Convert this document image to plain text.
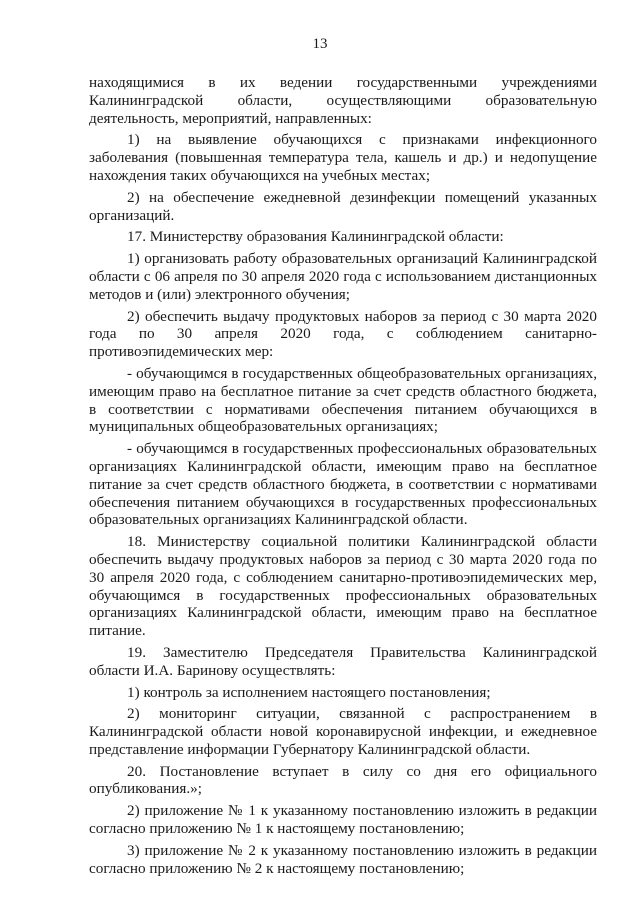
13

находящимися в их ведении государственными учреждениями Калининградской области, осуществляющими образовательную деятельность, мероприятий, направленных:

1) на выявление обучающихся с признаками инфекционного заболевания (повышенная температура тела, кашель и др.) и недопущение нахождения таких обучающихся на учебных местах;

2) на обеспечение ежедневной дезинфекции помещений указанных организаций.

17. Министерству образования Калининградской области:

1) организовать работу образовательных организаций Калининградской области с 06 апреля по 30 апреля 2020 года с использованием дистанционных методов и (или) электронного обучения;

2) обеспечить выдачу продуктовых наборов за период с 30 марта 2020 года по 30 апреля 2020 года, с соблюдением санитарно-противоэпидемических мер:

- обучающимся в государственных общеобразовательных организациях, имеющим право на бесплатное питание за счет средств областного бюджета, в соответствии с нормативами обеспечения питанием обучающихся в муниципальных общеобразовательных организациях;

- обучающимся в государственных профессиональных образовательных организациях Калининградской области, имеющим право на бесплатное питание за счет средств областного бюджета, в соответствии с нормативами обеспечения питанием обучающихся в государственных профессиональных образовательных организациях Калининградской области.

18. Министерству социальной политики Калининградской области обеспечить выдачу продуктовых наборов за период с 30 марта 2020 года по 30 апреля 2020 года, с соблюдением санитарно-противоэпидемических мер, обучающимся в государственных профессиональных образовательных организациях Калининградской области, имеющим право на бесплатное питание.

19. Заместителю Председателя Правительства Калининградской области И.А. Баринову осуществлять:

1) контроль за исполнением настоящего постановления;

2) мониторинг ситуации, связанной с распространением в Калининградской области новой коронавирусной инфекции, и ежедневное представление информации Губернатору Калининградской области.

20. Постановление вступает в силу со дня его официального опубликования.»;

2) приложение № 1 к указанному постановлению изложить в редакции согласно приложению № 1 к настоящему постановлению;

3) приложение № 2 к указанному постановлению изложить в редакции согласно приложению № 2 к настоящему постановлению;
